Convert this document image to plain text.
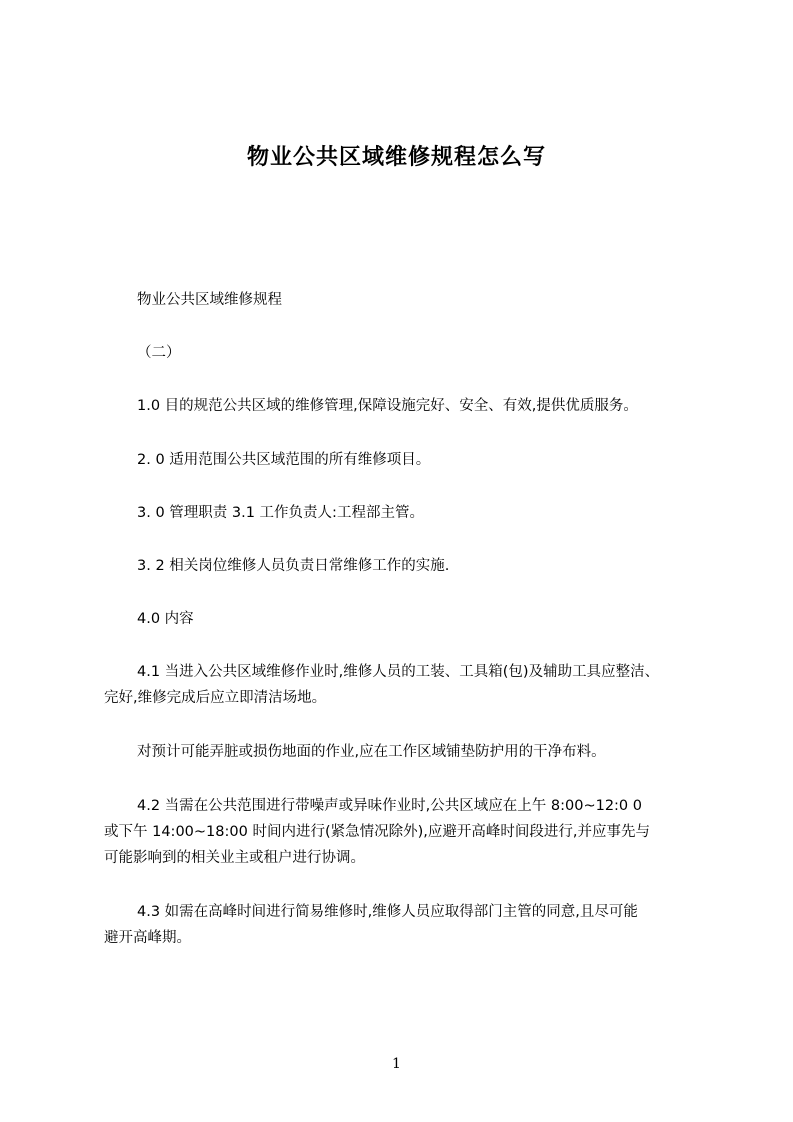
物业公共区域维修规程怎么写
物业公共区域维修规程
（二）
1.0 目的规范公共区域的维修管理,保障设施完好、安全、有效,提供优质服务。
2. 0 适用范围公共区域范围的所有维修项目。
3. 0 管理职责 3.1 工作负责人:工程部主管。
3. 2 相关岗位维修人员负责日常维修工作的实施.
4.0 内容
4.1 当进入公共区域维修作业时,维修人员的工装、工具箱(包)及辅助工具应整洁、
完好,维修完成后应立即清洁场地。
对预计可能弄脏或损伤地面的作业,应在工作区域铺垫防护用的干净布料。
4.2 当需在公共范围进行带噪声或异味作业时,公共区域应在上午 8:00~12:0 0
或下午 14:00~18:00 时间内进行(紧急情况除外),应避开高峰时间段进行,并应事先与
可能影响到的相关业主或租户进行协调。
4.3 如需在高峰时间进行简易维修时,维修人员应取得部门主管的同意,且尽可能
避开高峰期。
1
